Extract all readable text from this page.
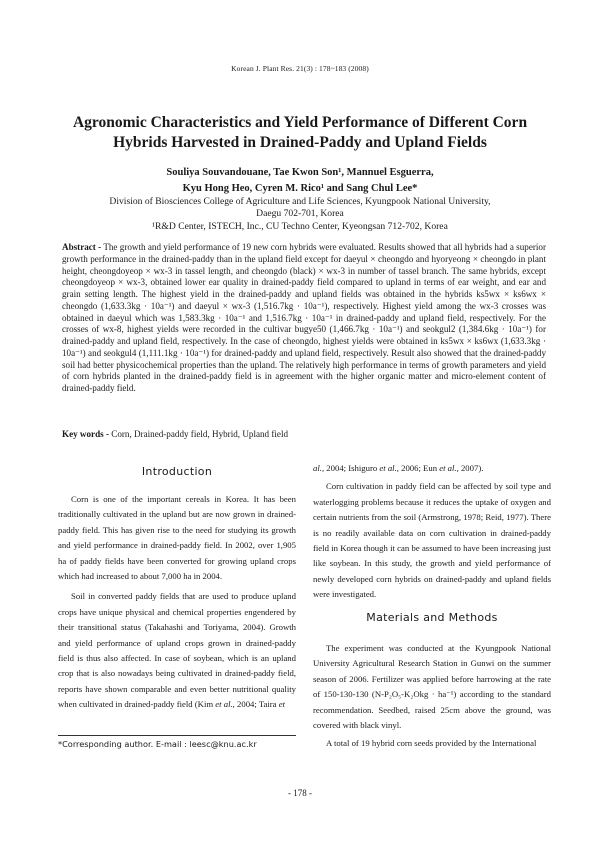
Korean J. Plant Res. 21(3) : 178~183 (2008)
Agronomic Characteristics and Yield Performance of Different Corn
Hybrids Harvested in Drained-Paddy and Upland Fields
Souliya Souvandouane, Tae Kwon Son¹, Mannuel Esguerra,
Kyu Hong Heo, Cyren M. Rico¹ and Sang Chul Lee*
Division of Biosciences College of Agriculture and Life Sciences, Kyungpook National University,
Daegu 702-701, Korea
¹R&D Center, ISTECH, Inc., CU Techno Center, Kyeongsan 712-702, Korea
Abstract - The growth and yield performance of 19 new corn hybrids were evaluated. Results showed that all hybrids had a superior growth performance in the drained-paddy than in the upland field except for daeyul × cheongdo and hyoryeong × cheongdo in plant height, cheongdoyeop × wx-3 in tassel length, and cheongdo (black) × wx-3 in number of tassel branch. The same hybrids, except cheongdoyeop × wx-3, obtained lower ear quality in drained-paddy field compared to upland in terms of ear weight, and ear and grain setting length. The highest yield in the drained-paddy and upland fields was obtained in the hybrids ks5wx × ks6wx × cheongdo (1,633.3kg · 10a⁻¹) and daeyul × wx-3 (1,516.7kg · 10a⁻¹), respectively. Highest yield among the wx-3 crosses was obtained in daeyul which was 1,583.3kg · 10a⁻¹ and 1,516.7kg · 10a⁻¹ in drained-paddy and upland field, respectively. For the crosses of wx-8, highest yields were recorded in the cultivar bugye50 (1,466.7kg · 10a⁻¹) and seokgul2 (1,384.6kg · 10a⁻¹) for drained-paddy and upland field, respectively. In the case of cheongdo, highest yields were obtained in ks5wx × ks6wx (1,633.3kg · 10a⁻¹) and seokgul4 (1,111.1kg · 10a⁻¹) for drained-paddy and upland field, respectively. Result also showed that the drained-paddy soil had better physicochemical properties than the upland. The relatively high performance in terms of growth parameters and yield of corn hybrids planted in the drained-paddy field is in agreement with the higher organic matter and micro-element content of drained-paddy field.
Key words - Corn, Drained-paddy field, Hybrid, Upland field
Introduction

Corn is one of the important cereals in Korea. It has been traditionally cultivated in the upland but are now grown in drained-paddy field. This has given rise to the need for studying its growth and yield performance in drained-paddy field. In 2002, over 1,905 ha of paddy fields have been converted for growing upland crops which had increased to about 7,000 ha in 2004.

Soil in converted paddy fields that are used to produce upland crops have unique physical and chemical properties engendered by their transitional status (Takahashi and Toriyama, 2004). Growth and yield performance of upland crops grown in drained-paddy field is thus also affected. In case of soybean, which is an upland crop that is also nowadays being cultivated in drained-paddy field, reports have shown comparable and even better nutritional quality when cultivated in drained-paddy field (Kim et al., 2004; Taira et

*Corresponding author. E-mail : leesc@knu.ac.kr

al., 2004; Ishiguro et al., 2006; Eun et al., 2007).

Corn cultivation in paddy field can be affected by soil type and waterlogging problems because it reduces the uptake of oxygen and certain nutrients from the soil (Armstrong, 1978; Reid, 1977). There is no readily available data on corn cultivation in drained-paddy field in Korea though it can be assumed to have been increasing just like soybean. In this study, the growth and yield performance of newly developed corn hybrids on drained-paddy and upland fields were investigated.

Materials and Methods

The experiment was conducted at the Kyungpook National University Agricultural Research Station in Gunwi on the summer season of 2006. Fertilizer was applied before harrowing at the rate of 150-130-130 (N-P₂O₅-K₂Okg · ha⁻¹) according to the standard recommendation. Seedbed, raised 25cm above the ground, was covered with black vinyl.

A total of 19 hybrid corn seeds provided by the International

- 178 -
